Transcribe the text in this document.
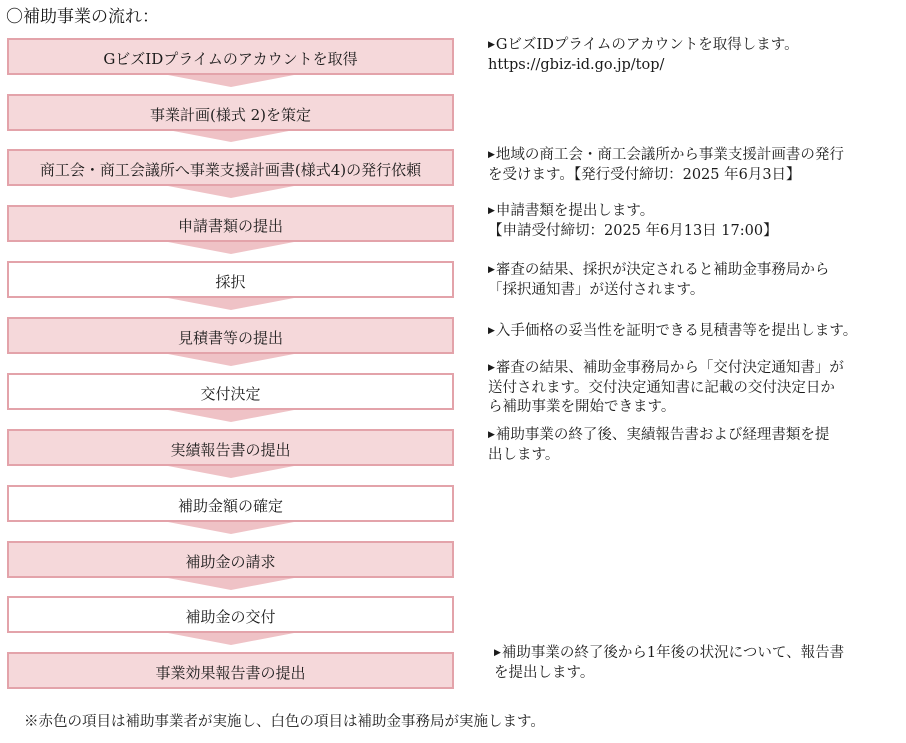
〇補助事業の流れ：
GビズIDプライムのアカウントを取得
事業計画(様式 2)を策定
商工会・商工会議所へ事業支援計画書(様式4)の発行依頼
申請書類の提出
採択
見積書等の提出
交付決定
実績報告書の提出
補助金額の確定
補助金の請求
補助金の交付
事業効果報告書の提出
▶GビズIDプライムのアカウントを取得します。
https://gbiz-id.go.jp/top/
▶地域の商工会・商工会議所から事業支援計画書の発行
を受けます。【発行受付締切：2025 年6月3日】
▶申請書類を提出します。
【申請受付締切：2025 年6月13日 17:00】
▶審査の結果、採択が決定されると補助金事務局から
「採択通知書」が送付されます。
▶入手価格の妥当性を証明できる見積書等を提出します。
▶審査の結果、補助金事務局から「交付決定通知書」が
送付されます。交付決定通知書に記載の交付決定日か
ら補助事業を開始できます。
▶補助事業の終了後、実績報告書および経理書類を提
出します。
▶補助事業の終了後から1年後の状況について、報告書
を提出します。
※赤色の項目は補助事業者が実施し、白色の項目は補助金事務局が実施します。
